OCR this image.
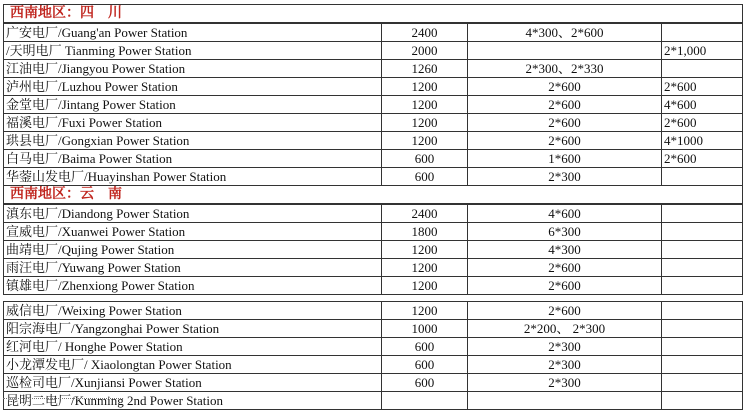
西南地区：四　川			
广安电厂/Guang'an Power Station	2400	4*300、2*600	
/天明电厂 Tianming Power Station	2000		2*1,000
江油电厂/Jiangyou Power Station	1260	2*300、2*330	
泸州电厂/Luzhou Power Station	1200	2*600	2*600
金堂电厂/Jintang Power Station	1200	2*600	4*600
福溪电厂/Fuxi Power Station	1200	2*600	2*600
珙县电厂/Gongxian Power Station	1200	2*600	4*1000
白马电厂/Baima Power Station	600	1*600	2*600
华蓥山发电厂/Huayinshan Power Station	600	2*300	
西南地区：云　南			
滇东电厂/Diandong Power Station	2400	4*600	
宣威电厂/Xuanwei Power Station	1800	6*300	
曲靖电厂/Qujing Power Station	1200	4*300	
雨汪电厂/Yuwang Power Station	1200	2*600	
镇雄电厂/Zhenxiong Power Station	1200	2*600	

威信电厂/Weixing Power Station	1200	2*600	
阳宗海电厂/Yangzonghai Power Station	1000	2*200、 2*300	
红河电厂/ Honghe Power Station	600	2*300	
小龙潭发电厂/ Xiaolongtan Power Station	600	2*300	
巡检司电厂/Xunjiansi Power Station	600	2*300	
昆明二电厂/Kunming 2nd Power Station			
